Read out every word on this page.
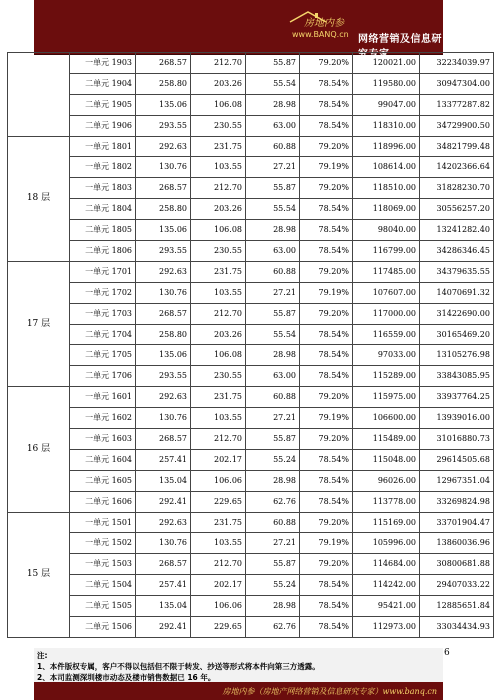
房地内参
www.BANQ.cn 网络营销及信息研究专家
	一单元 1903	268.57	212.70	55.87	79.20%	120021.00	32234039.97
	二单元 1904	258.80	203.26	55.54	78.54%	119580.00	30947304.00
	二单元 1905	135.06	106.08	28.98	78.54%	99047.00	13377287.82
	二单元 1906	293.55	230.55	63.00	78.54%	118310.00	34729900.50
18 层	一单元 1801	292.63	231.75	60.88	79.20%	118996.00	34821799.48
	一单元 1802	130.76	103.55	27.21	79.19%	108614.00	14202366.64
	一单元 1803	268.57	212.70	55.87	79.20%	118510.00	31828230.70
	二单元 1804	258.80	203.26	55.54	78.54%	118069.00	30556257.20
	二单元 1805	135.06	106.08	28.98	78.54%	98040.00	13241282.40
	二单元 1806	293.55	230.55	63.00	78.54%	116799.00	34286346.45
17 层	一单元 1701	292.63	231.75	60.88	79.20%	117485.00	34379635.55
	一单元 1702	130.76	103.55	27.21	79.19%	107607.00	14070691.32
	一单元 1703	268.57	212.70	55.87	79.20%	117000.00	31422690.00
	二单元 1704	258.80	203.26	55.54	78.54%	116559.00	30165469.20
	二单元 1705	135.06	106.08	28.98	78.54%	97033.00	13105276.98
	二单元 1706	293.55	230.55	63.00	78.54%	115289.00	33843085.95
16 层	一单元 1601	292.63	231.75	60.88	79.20%	115975.00	33937764.25
	一单元 1602	130.76	103.55	27.21	79.19%	106600.00	13939016.00
	一单元 1603	268.57	212.70	55.87	79.20%	115489.00	31016880.73
	二单元 1604	257.41	202.17	55.24	78.54%	115048.00	29614505.68
	二单元 1605	135.04	106.06	28.98	78.54%	96026.00	12967351.04
	二单元 1606	292.41	229.65	62.76	78.54%	113778.00	33269824.98
15 层	一单元 1501	292.63	231.75	60.88	79.20%	115169.00	33701904.47
	一单元 1502	130.76	103.55	27.21	79.19%	105996.00	13860036.96
	一单元 1503	268.57	212.70	55.87	79.20%	114684.00	30800681.88
	二单元 1504	257.41	202.17	55.24	78.54%	114242.00	29407033.22
	二单元 1505	135.04	106.06	28.98	78.54%	95421.00	12885651.84
	二单元 1506	292.41	229.65	62.76	78.54%	112973.00	33034434.93
注:
1、本件版权专属，客户不得以包括但不限于转发、抄送等形式将本件向第三方透露。
2、本司监测深圳楼市动态及楼市销售数据已 16 年。
6
房地内参（房地产网络营销及信息研究专家）www.banq.cn
